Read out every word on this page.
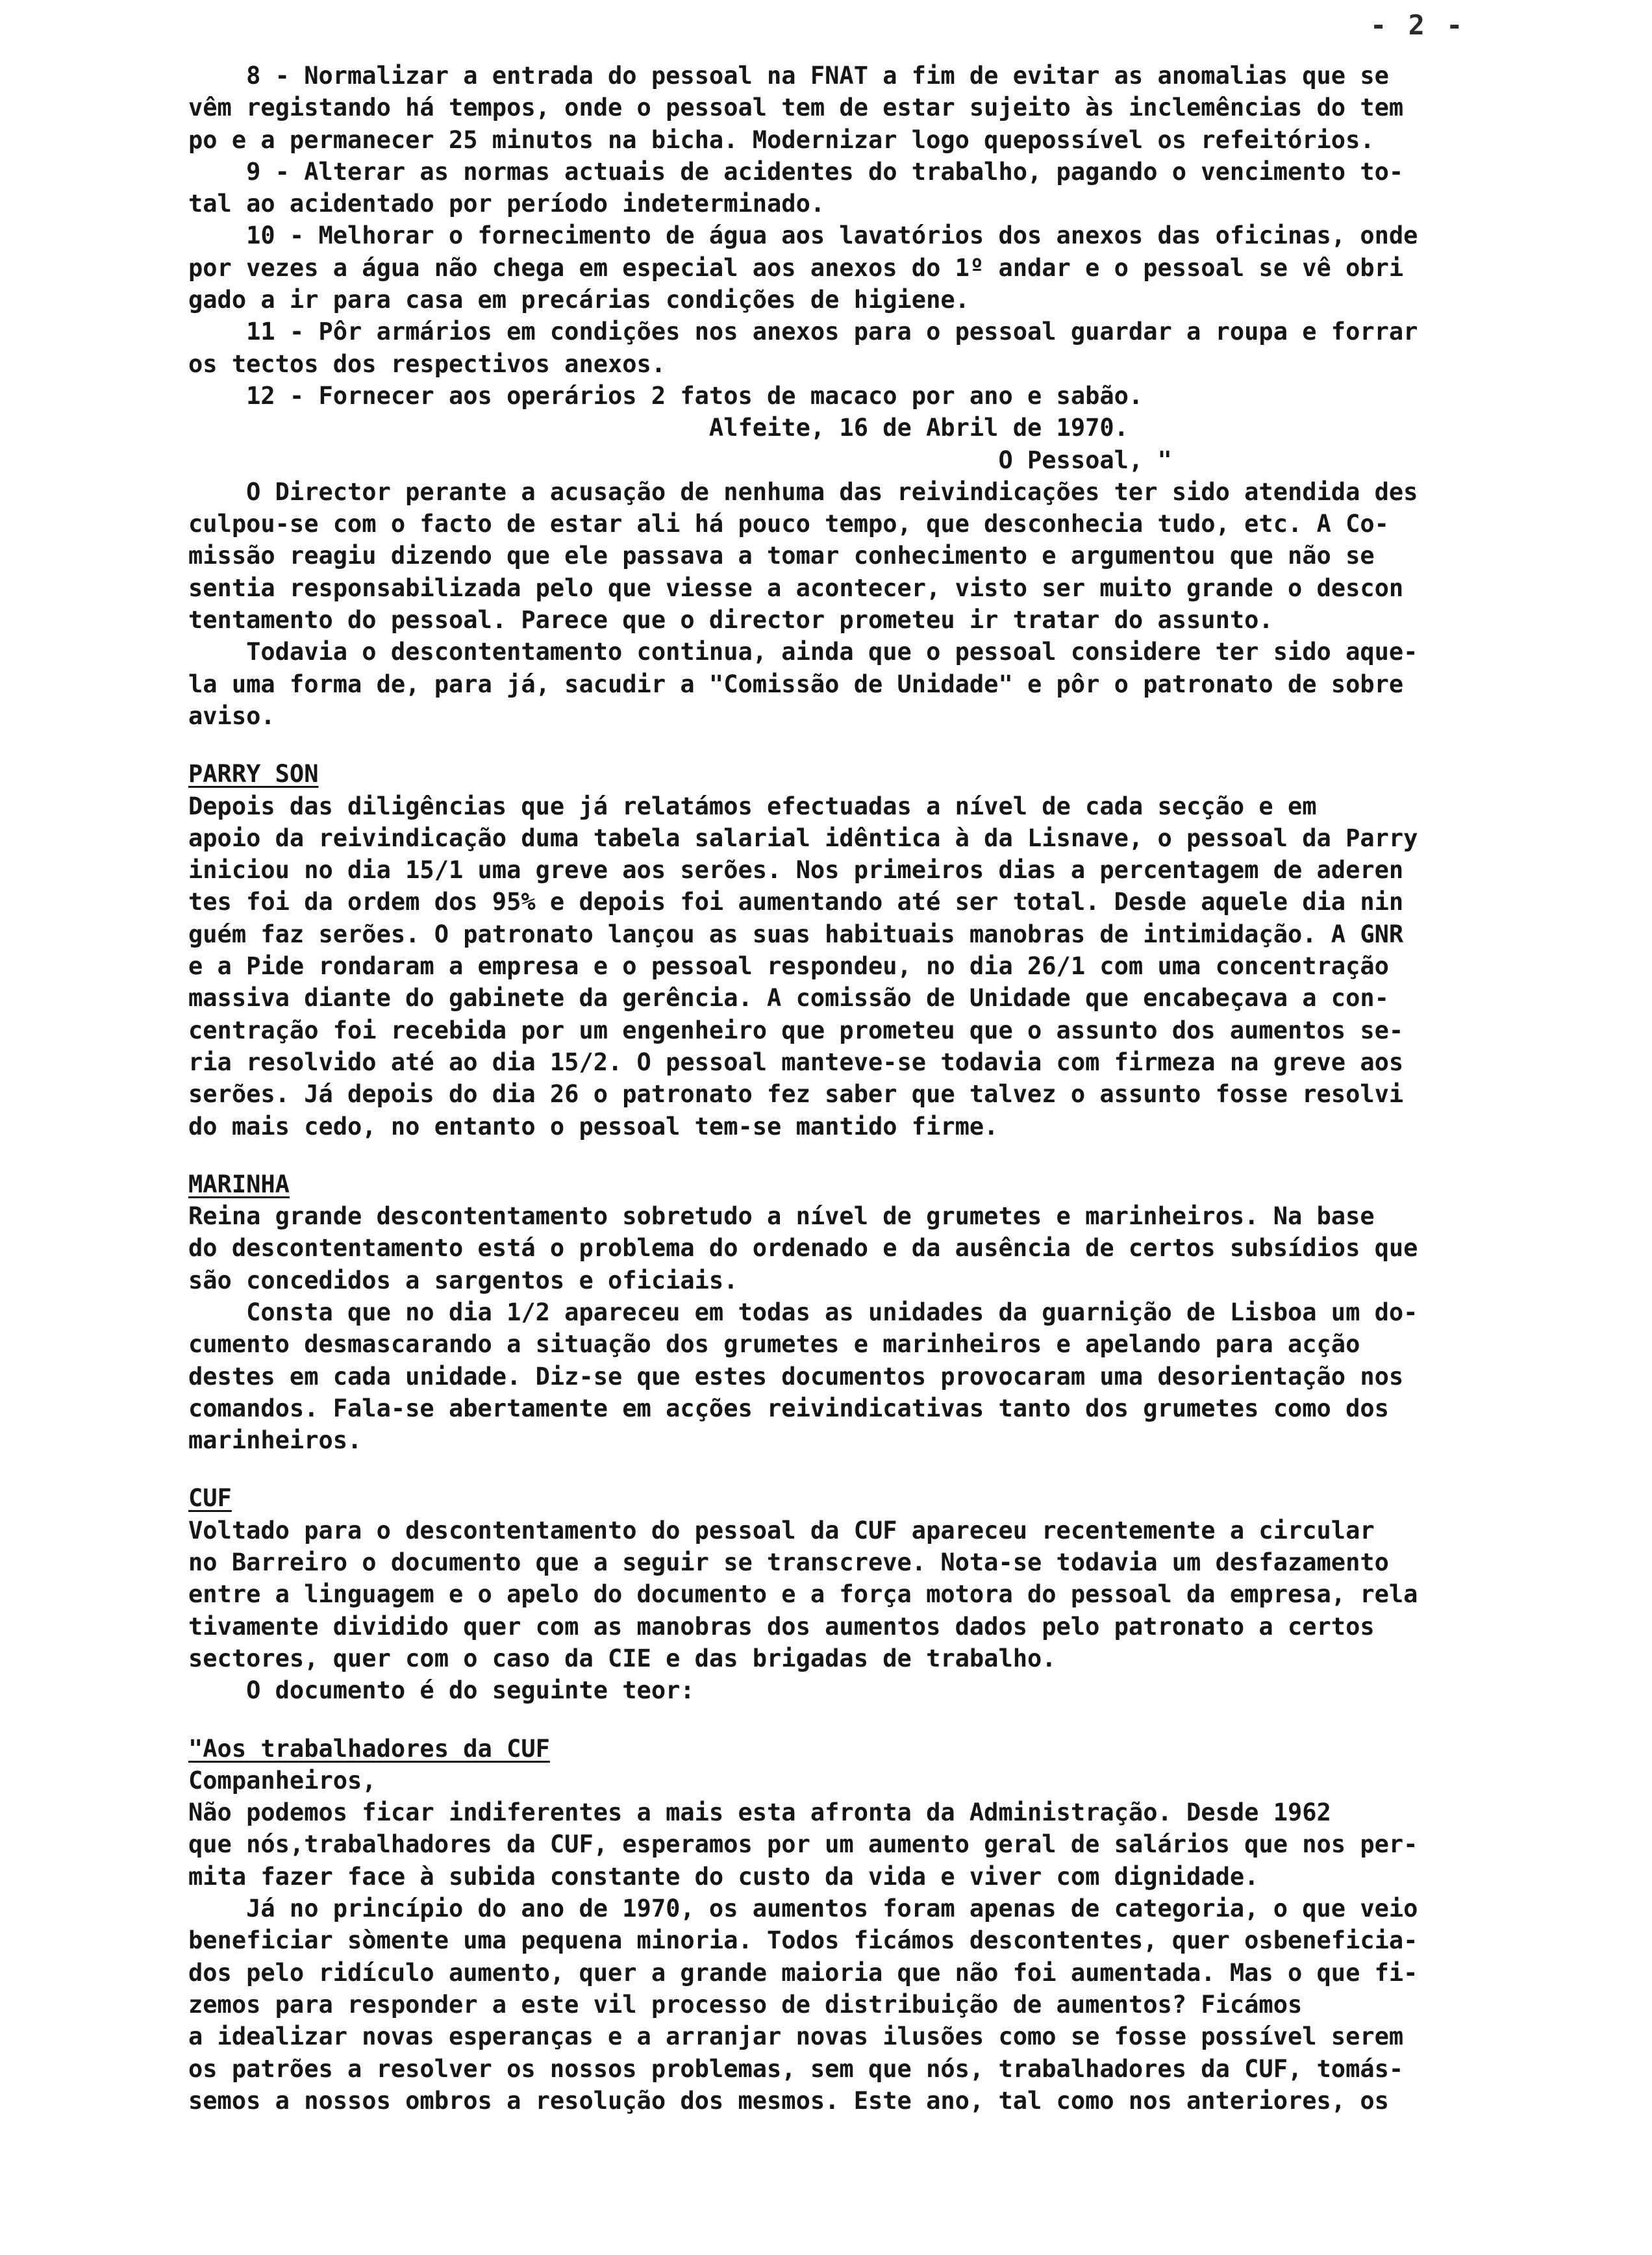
- 2 -
8 - Normalizar a entrada do pessoal na FNAT a fim de evitar as anomalias que se
vêm registando há tempos, onde o pessoal tem de estar sujeito às inclemências do tem
po e a permanecer 25 minutos na bicha. Modernizar logo quepossível os refeitórios.
9 - Alterar as normas actuais de acidentes do trabalho, pagando o vencimento to-
tal ao acidentado por período indeterminado.
10 - Melhorar o fornecimento de água aos lavatórios dos anexos das oficinas, onde
por vezes a água não chega em especial aos anexos do 1º andar e o pessoal se vê obri
gado a ir para casa em precárias condições de higiene.
11 - Pôr armários em condições nos anexos para o pessoal guardar a roupa e forrar
os tectos dos respectivos anexos.
12 - Fornecer aos operários 2 fatos de macaco por ano e sabão.
Alfeite, 16 de Abril de 1970.
O Pessoal, "
O Director perante a acusação de nenhuma das reivindicações ter sido atendida des
culpou-se com o facto de estar ali há pouco tempo, que desconhecia tudo, etc. A Co-
missão reagiu dizendo que ele passava a tomar conhecimento e argumentou que não se
sentia responsabilizada pelo que viesse a acontecer, visto ser muito grande o descon
tentamento do pessoal. Parece que o director prometeu ir tratar do assunto.
Todavia o descontentamento continua, ainda que o pessoal considere ter sido aque-
la uma forma de, para já, sacudir a "Comissão de Unidade" e pôr o patronato de sobre
aviso.
PARRY SON
Depois das diligências que já relatámos efectuadas a nível de cada secção e em
apoio da reivindicação duma tabela salarial idêntica à da Lisnave, o pessoal da Parry
iniciou no dia 15/1 uma greve aos serões. Nos primeiros dias a percentagem de aderen
tes foi da ordem dos 95% e depois foi aumentando até ser total. Desde aquele dia nin
guém faz serões. O patronato lançou as suas habituais manobras de intimidação. A GNR
e a Pide rondaram a empresa e o pessoal respondeu, no dia 26/1 com uma concentração
massiva diante do gabinete da gerência. A comissão de Unidade que encabeçava a con-
centração foi recebida por um engenheiro que prometeu que o assunto dos aumentos se-
ria resolvido até ao dia 15/2. O pessoal manteve-se todavia com firmeza na greve aos
serões. Já depois do dia 26 o patronato fez saber que talvez o assunto fosse resolvi
do mais cedo, no entanto o pessoal tem-se mantido firme.
MARINHA
Reina grande descontentamento sobretudo a nível de grumetes e marinheiros. Na base
do descontentamento está o problema do ordenado e da ausência de certos subsídios que
são concedidos a sargentos e oficiais.
Consta que no dia 1/2 apareceu em todas as unidades da guarnição de Lisboa um do-
cumento desmascarando a situação dos grumetes e marinheiros e apelando para acção
destes em cada unidade. Diz-se que estes documentos provocaram uma desorientação nos
comandos. Fala-se abertamente em acções reivindicativas tanto dos grumetes como dos
marinheiros.
CUF
Voltado para o descontentamento do pessoal da CUF apareceu recentemente a circular
no Barreiro o documento que a seguir se transcreve. Nota-se todavia um desfazamento
entre a linguagem e o apelo do documento e a força motora do pessoal da empresa, rela
tivamente dividido quer com as manobras dos aumentos dados pelo patronato a certos
sectores, quer com o caso da CIE e das brigadas de trabalho.
O documento é do seguinte teor:
"Aos trabalhadores da CUF
Companheiros,
Não podemos ficar indiferentes a mais esta afronta da Administração. Desde 1962
que nós,trabalhadores da CUF, esperamos por um aumento geral de salários que nos per-
mita fazer face à subida constante do custo da vida e viver com dignidade.
Já no princípio do ano de 1970, os aumentos foram apenas de categoria, o que veio
beneficiar sòmente uma pequena minoria. Todos ficámos descontentes, quer osbeneficia-
dos pelo ridículo aumento, quer a grande maioria que não foi aumentada. Mas o que fi-
zemos para responder a este vil processo de distribuição de aumentos? Ficámos
a idealizar novas esperanças e a arranjar novas ilusões como se fosse possível serem
os patrões a resolver os nossos problemas, sem que nós, trabalhadores da CUF, tomás-
semos a nossos ombros a resolução dos mesmos. Este ano, tal como nos anteriores, os
